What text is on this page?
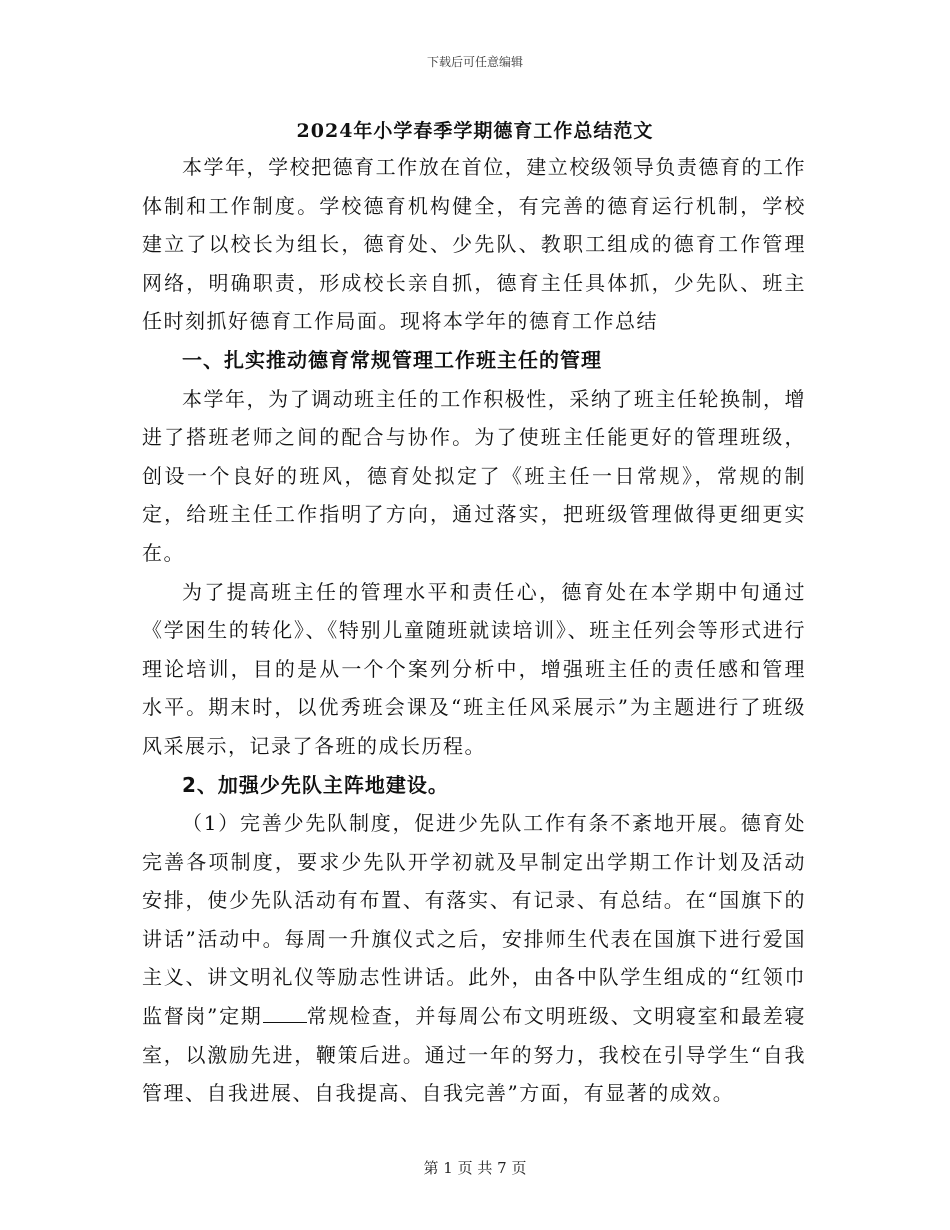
下载后可任意编辑
2024年小学春季学期德育工作总结范文

本学年，学校把德育工作放在首位，建立校级领导负责德育的工作体制和工作制度。学校德育机构健全，有完善的德育运行机制，学校建立了以校长为组长，德育处、少先队、教职工组成的德育工作管理网络，明确职责，形成校长亲自抓，德育主任具体抓，少先队、班主任时刻抓好德育工作局面。现将本学年的德育工作总结

一、扎实推动德育常规管理工作班主任的管理

本学年，为了调动班主任的工作积极性，采纳了班主任轮换制，增进了搭班老师之间的配合与协作。为了使班主任能更好的管理班级，创设一个良好的班风，德育处拟定了《班主任一日常规》，常规的制定，给班主任工作指明了方向，通过落实，把班级管理做得更细更实在。

为了提高班主任的管理水平和责任心，德育处在本学期中旬通过《学困生的转化》、《特别儿童随班就读培训》、班主任列会等形式进行理论培训，目的是从一个个案列分析中，增强班主任的责任感和管理水平。期末时，以优秀班会课及“班主任风采展示”为主题进行了班级风采展示，记录了各班的成长历程。

2、加强少先队主阵地建设。

（1）完善少先队制度，促进少先队工作有条不紊地开展。德育处完善各项制度，要求少先队开学初就及早制定出学期工作计划及活动安排，使少先队活动有布置、有落实、有记录、有总结。在“国旗下的讲话”活动中。每周一升旗仪式之后，安排师生代表在国旗下进行爱国主义、讲文明礼仪等励志性讲话。此外，由各中队学生组成的“红领巾监督岗”定期 常规检查，并每周公布文明班级、文明寝室和最差寝室，以激励先进，鞭策后进。通过一年的努力，我校在引导学生“自我管理、自我进展、自我提高、自我完善”方面，有显著的成效。

第 1 页 共 7 页
